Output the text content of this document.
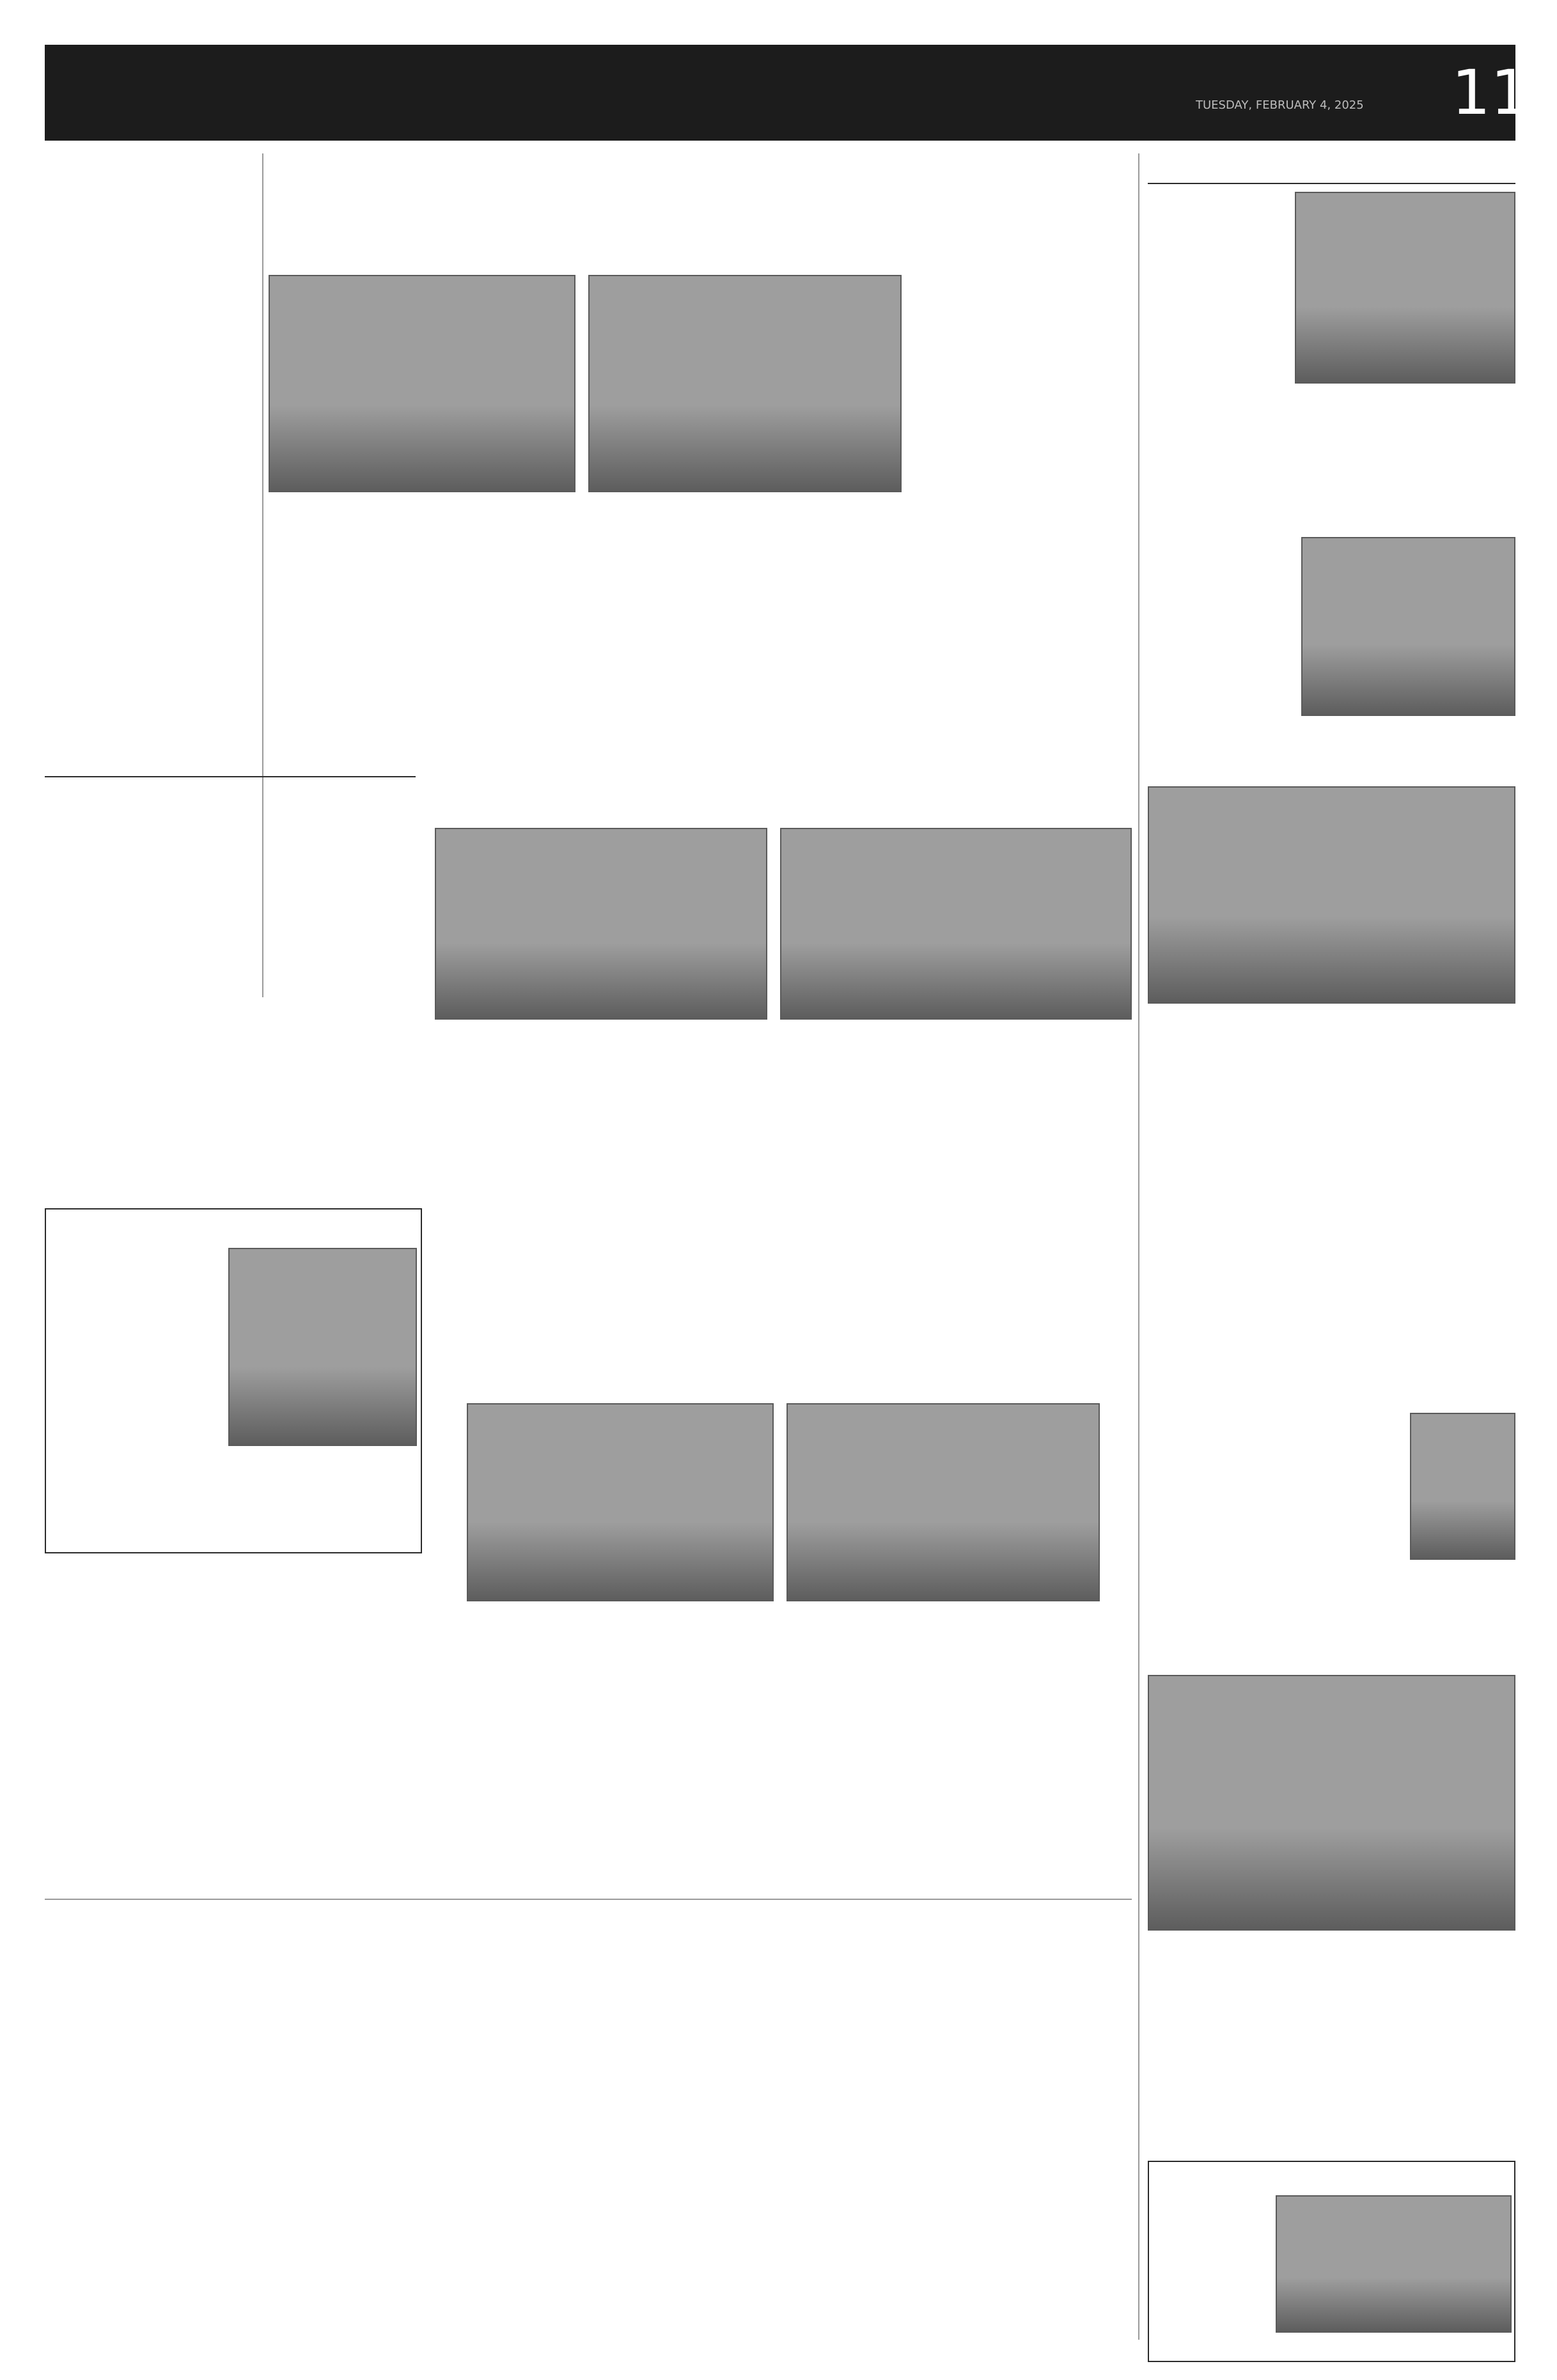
TUESDAY, FEBRUARY 4, 2025	11
